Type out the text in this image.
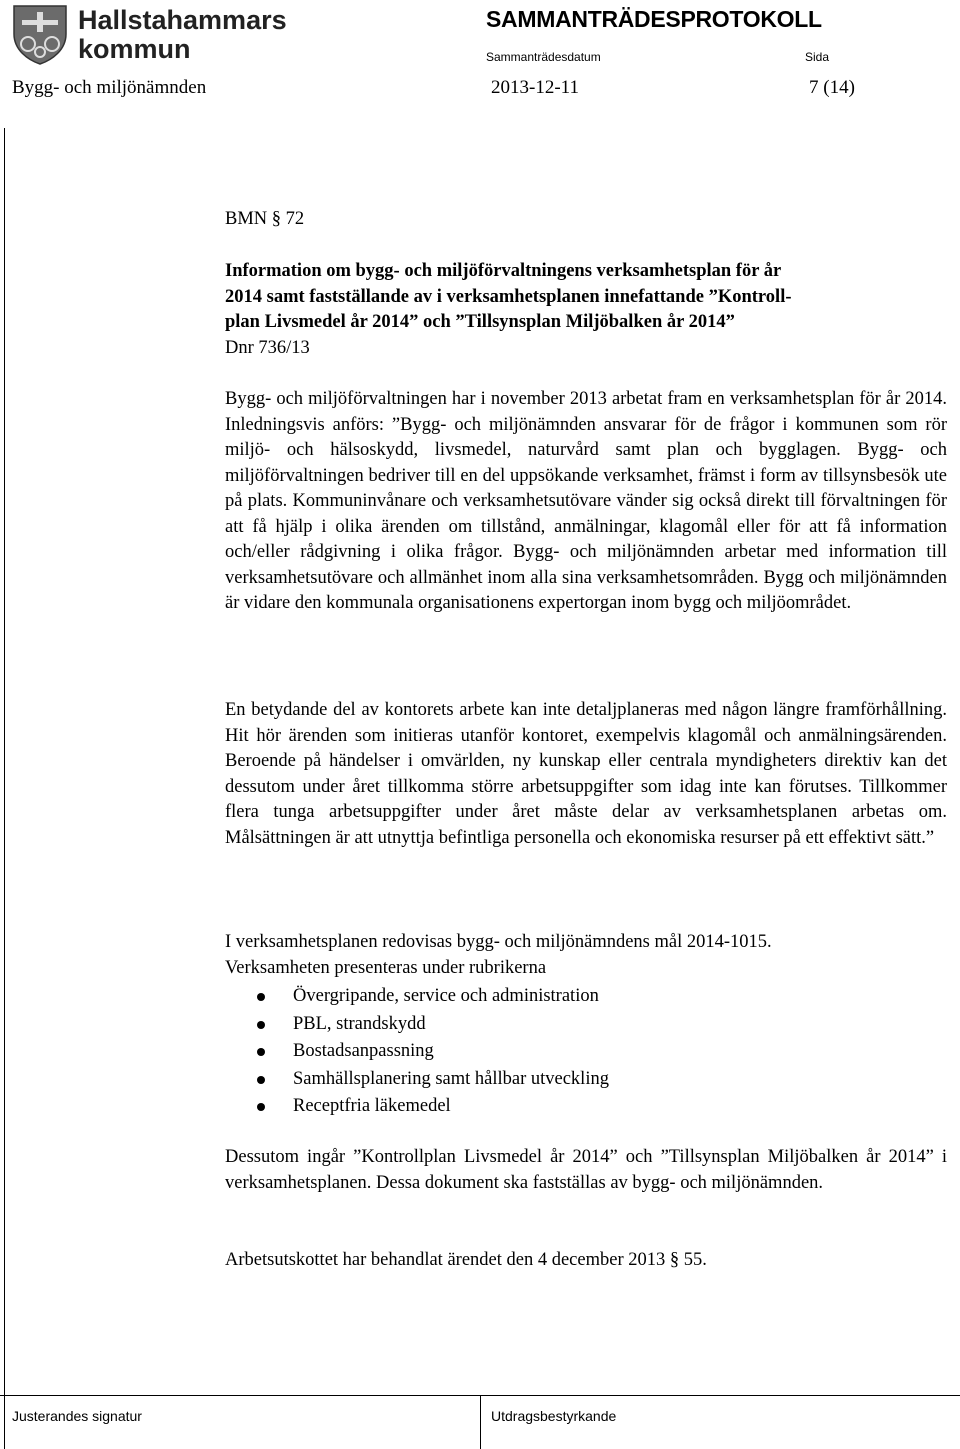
Hallstahammars
kommun
SAMMANTRÄDESPROTOKOLL
Sammanträdesdatum	Sida
Bygg- och miljönämnden	2013-12-11	7 (14)

BMN § 72

Information om bygg- och miljöförvaltningens verksamhetsplan för år
2014 samt fastställande av i verksamhetsplanen innefattande ”Kontroll-
plan Livsmedel år 2014” och ”Tillsynsplan Miljöbalken år 2014”

Dnr 736/13

Bygg- och miljöförvaltningen har i november 2013 arbetat fram en verksamhetsplan för år 2014. Inledningsvis anförs: ”Bygg- och miljönämnden ansvarar för de frågor i kommunen som rör miljö- och hälsoskydd, livsmedel, naturvård samt plan och bygglagen. Bygg- och miljöförvaltningen bedriver till en del uppsökande verksamhet, främst i form av tillsynsbesök ute på plats. Kommuninvånare och verksamhetsutövare vänder sig också direkt till förvaltningen för att få hjälp i olika ärenden om tillstånd, anmälningar, klagomål eller för att få information och/eller rådgivning i olika frågor. Bygg- och miljönämnden arbetar med information till verksamhetsutövare och allmänhet inom alla sina verksamhetsområden. Bygg och miljönämnden är vidare den kommunala organisationens expertorgan inom bygg och miljöområdet.

En betydande del av kontorets arbete kan inte detaljplaneras med någon längre framförhållning. Hit hör ärenden som initieras utanför kontoret, exempelvis klagomål och anmälningsärenden. Beroende på händelser i omvärlden, ny kunskap eller centrala myndigheters direktiv kan det dessutom under året tillkomma större arbetsuppgifter som idag inte kan förutses. Tillkommer flera tunga arbetsuppgifter under året måste delar av verksamhetsplanen arbetas om. Målsättningen är att utnyttja befintliga personella och ekonomiska resurser på ett effektivt sätt.”

I verksamhetsplanen redovisas bygg- och miljönämndens mål 2014-1015.
Verksamheten presenteras under rubrikerna
Övergripande, service och administration
PBL, strandskydd
Bostadsanpassning
Samhällsplanering samt hållbar utveckling
Receptfria läkemedel

Dessutom ingår ”Kontrollplan Livsmedel år 2014” och ”Tillsynsplan Miljöbalken år 2014” i verksamhetsplanen. Dessa dokument ska fastställas av bygg- och miljönämnden.

Arbetsutskottet har behandlat ärendet den 4 december 2013 § 55.

Justerandes signatur	Utdragsbestyrkande
